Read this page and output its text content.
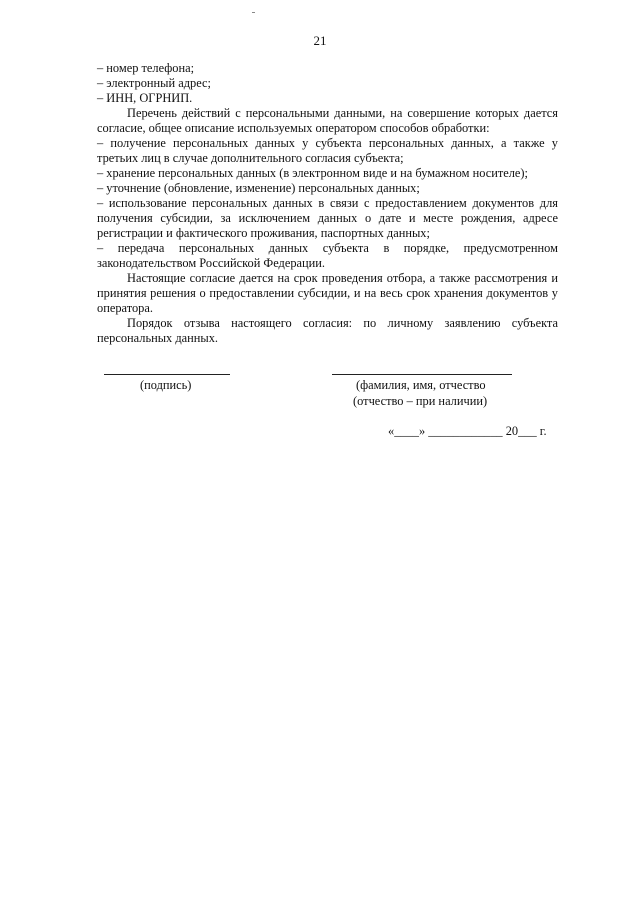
21
– номер телефона;
– электронный адрес;
– ИНН, ОГРНИП.

Перечень действий с персональными данными, на совершение которых дается согласие, общее описание используемых оператором способов обработки:

– получение персональных данных у субъекта персональных данных, а также у третьих лиц в случае дополнительного согласия субъекта;

– хранение персональных данных (в электронном виде и на бумажном носителе);

– уточнение (обновление, изменение) персональных данных;

– использование персональных данных в связи с предоставлением документов для получения субсидии, за исключением данных о дате и месте рождения, адресе регистрации и фактического проживания, паспортных данных;

– передача персональных данных субъекта в порядке, предусмотренном законодательством Российской Федерации.

Настоящие согласие дается на срок проведения отбора, а также рассмотрения и принятия решения о предоставлении субсидии, и на весь срок хранения документов у оператора.

Порядок отзыва настоящего согласия: по личному заявлению субъекта персональных данных.

(подпись)	(фамилия, имя, отчество
(отчество – при наличии)
«____» ____________ 20___ г.
